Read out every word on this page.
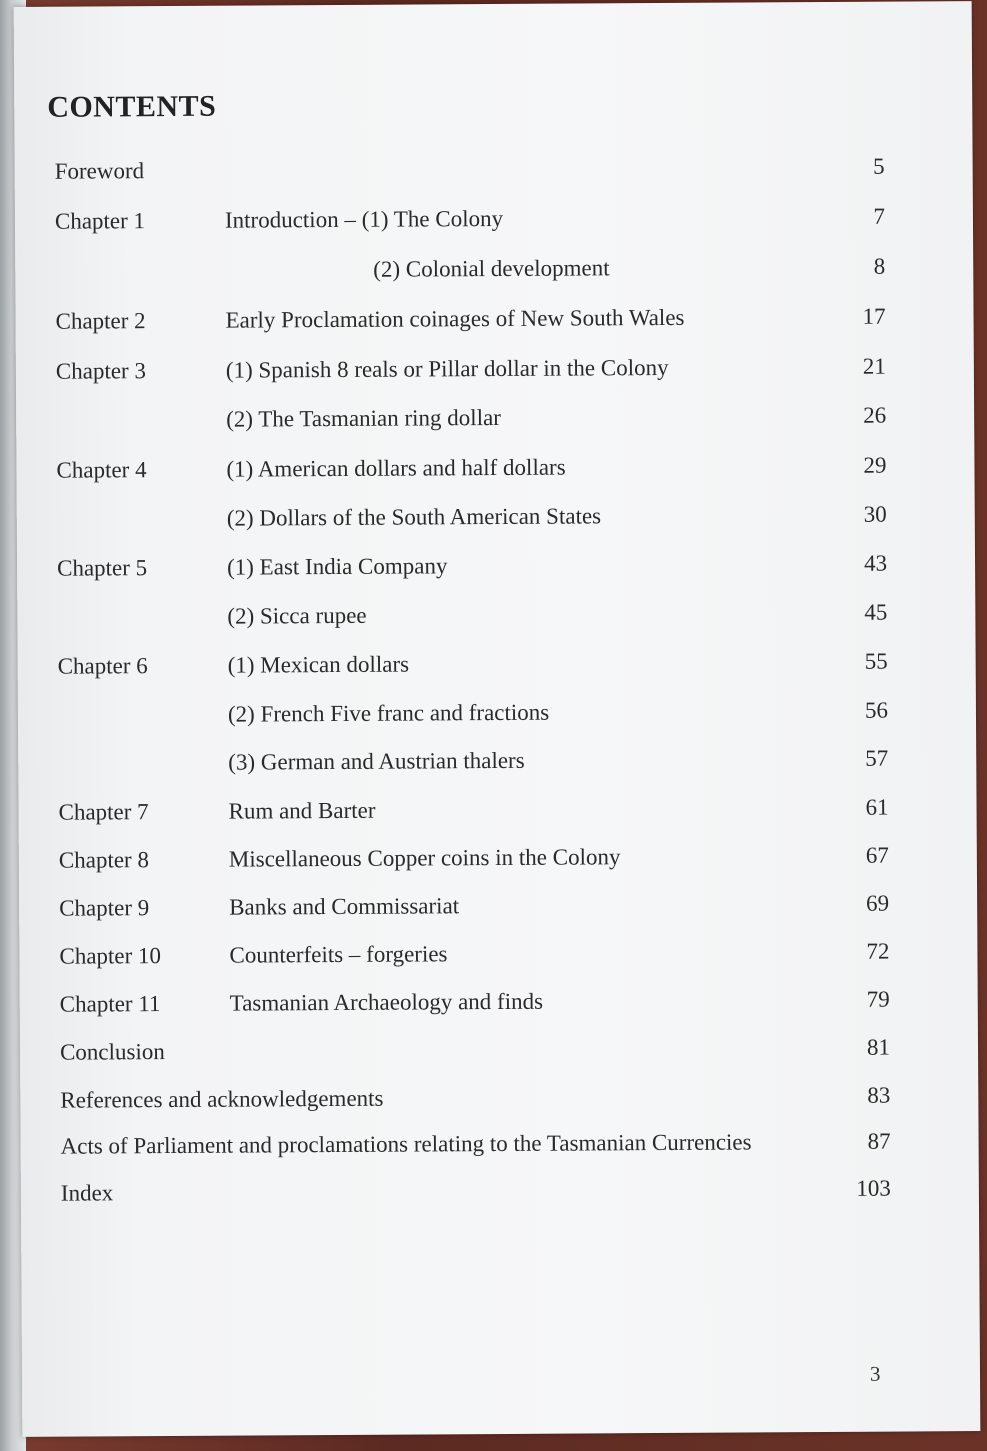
CONTENTS
Foreword	5
Chapter 1	Introduction – (1) The Colony	7
(2) Colonial development	8
Chapter 2	Early Proclamation coinages of New South Wales	17
Chapter 3	(1) Spanish 8 reals or Pillar dollar in the Colony	21
(2) The Tasmanian ring dollar	26
Chapter 4	(1) American dollars and half dollars	29
(2) Dollars of the South American States	30
Chapter 5	(1) East India Company	43
(2) Sicca rupee	45
Chapter 6	(1) Mexican dollars	55
(2) French Five franc and fractions	56
(3) German and Austrian thalers	57
Chapter 7	Rum and Barter	61
Chapter 8	Miscellaneous Copper coins in the Colony	67
Chapter 9	Banks and Commissariat	69
Chapter 10	Counterfeits – forgeries	72
Chapter 11	Tasmanian Archaeology and finds	79
Conclusion	81
References and acknowledgements	83
Acts of Parliament and proclamations relating to the Tasmanian Currencies	87
Index	103
3
